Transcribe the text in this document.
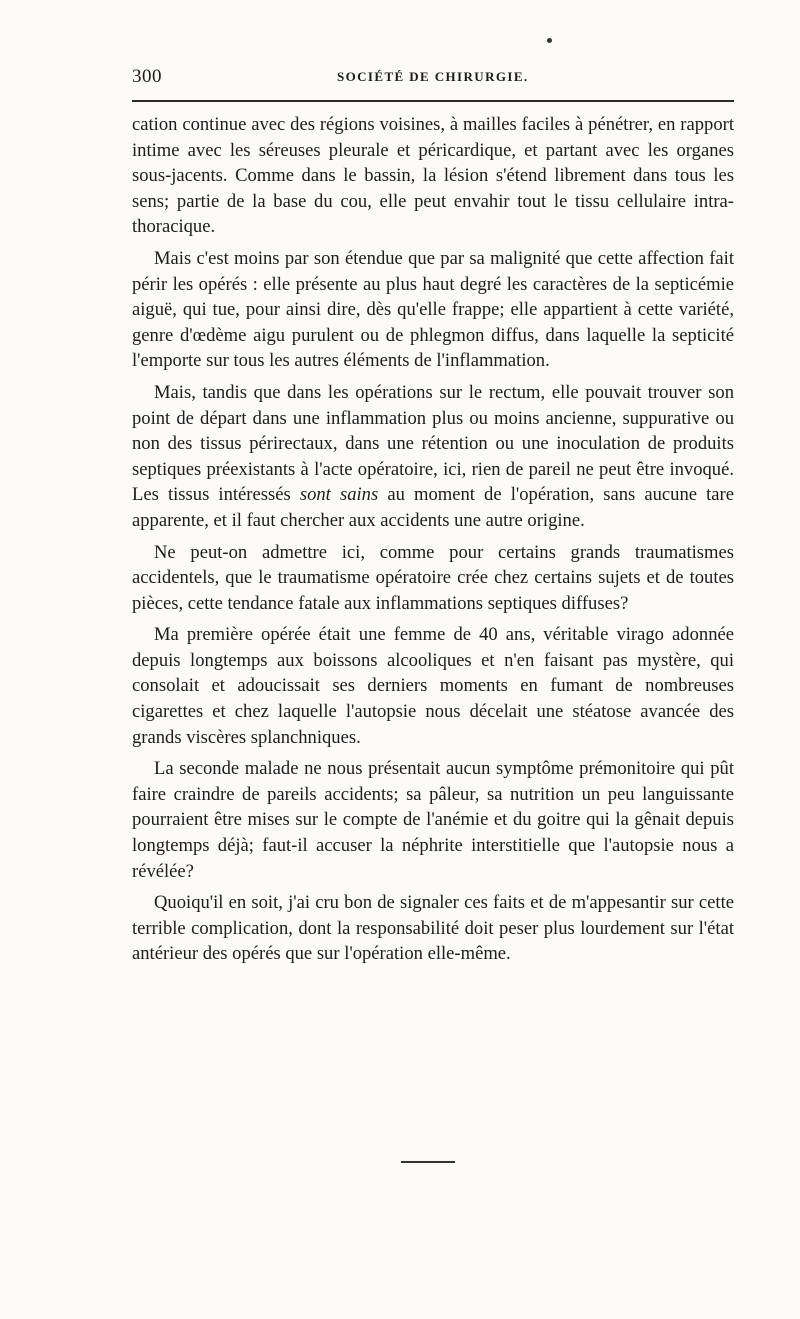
300	SOCIÉTÉ DE CHIRURGIE.

cation continue avec des régions voisines, à mailles faciles à pénétrer, en rapport intime avec les séreuses pleurale et péricardique, et partant avec les organes sous-jacents. Comme dans le bassin, la lésion s'étend librement dans tous les sens; partie de la base du cou, elle peut envahir tout le tissu cellulaire intra-thoracique.

Mais c'est moins par son étendue que par sa malignité que cette affection fait périr les opérés : elle présente au plus haut degré les caractères de la septicémie aiguë, qui tue, pour ainsi dire, dès qu'elle frappe; elle appartient à cette variété, genre d'œdème aigu purulent ou de phlegmon diffus, dans laquelle la septicité l'emporte sur tous les autres éléments de l'inflammation.

Mais, tandis que dans les opérations sur le rectum, elle pouvait trouver son point de départ dans une inflammation plus ou moins ancienne, suppurative ou non des tissus périrectaux, dans une rétention ou une inoculation de produits septiques préexistants à l'acte opératoire, ici, rien de pareil ne peut être invoqué. Les tissus intéressés sont sains au moment de l'opération, sans aucune tare apparente, et il faut chercher aux accidents une autre origine.

Ne peut-on admettre ici, comme pour certains grands traumatismes accidentels, que le traumatisme opératoire crée chez certains sujets et de toutes pièces, cette tendance fatale aux inflammations septiques diffuses?

Ma première opérée était une femme de 40 ans, véritable virago adonnée depuis longtemps aux boissons alcooliques et n'en faisant pas mystère, qui consolait et adoucissait ses derniers moments en fumant de nombreuses cigarettes et chez laquelle l'autopsie nous décelait une stéatose avancée des grands viscères splanchniques.

La seconde malade ne nous présentait aucun symptôme prémonitoire qui pût faire craindre de pareils accidents; sa pâleur, sa nutrition un peu languissante pourraient être mises sur le compte de l'anémie et du goitre qui la gênait depuis longtemps déjà; faut-il accuser la néphrite interstitielle que l'autopsie nous a révélée?

Quoiqu'il en soit, j'ai cru bon de signaler ces faits et de m'appesantir sur cette terrible complication, dont la responsabilité doit peser plus lourdement sur l'état antérieur des opérés que sur l'opération elle-même.
